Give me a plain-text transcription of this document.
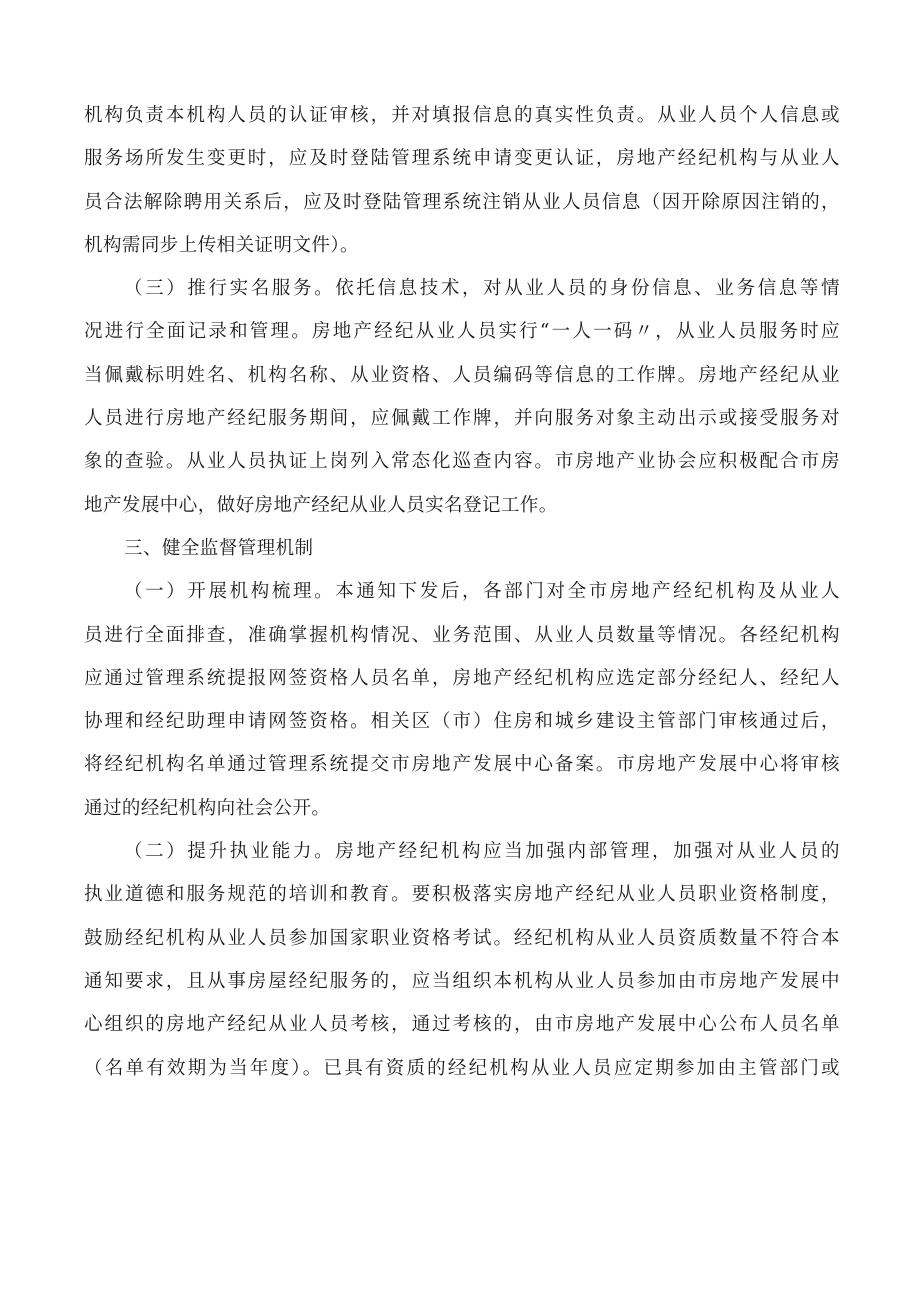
机构负责本机构人员的认证审核，并对填报信息的真实性负责。从业人员个人信息或
服务场所发生变更时，应及时登陆管理系统申请变更认证，房地产经纪机构与从业人
员合法解除聘用关系后，应及时登陆管理系统注销从业人员信息（因开除原因注销的，
机构需同步上传相关证明文件）。
（三）推行实名服务。依托信息技术，对从业人员的身份信息、业务信息等情
况进行全面记录和管理。房地产经纪从业人员实行“一人一码〃，从业人员服务时应
当佩戴标明姓名、机构名称、从业资格、人员编码等信息的工作牌。房地产经纪从业
人员进行房地产经纪服务期间，应佩戴工作牌，并向服务对象主动出示或接受服务对
象的查验。从业人员执证上岗列入常态化巡查内容。市房地产业协会应积极配合市房
地产发展中心，做好房地产经纪从业人员实名登记工作。
三、健全监督管理机制
（一）开展机构梳理。本通知下发后，各部门对全市房地产经纪机构及从业人
员进行全面排查，准确掌握机构情况、业务范围、从业人员数量等情况。各经纪机构
应通过管理系统提报网签资格人员名单，房地产经纪机构应选定部分经纪人、经纪人
协理和经纪助理申请网签资格。相关区（市）住房和城乡建设主管部门审核通过后，
将经纪机构名单通过管理系统提交市房地产发展中心备案。市房地产发展中心将审核
通过的经纪机构向社会公开。
（二）提升执业能力。房地产经纪机构应当加强内部管理，加强对从业人员的
执业道德和服务规范的培训和教育。要积极落实房地产经纪从业人员职业资格制度，
鼓励经纪机构从业人员参加国家职业资格考试。经纪机构从业人员资质数量不符合本
通知要求，且从事房屋经纪服务的，应当组织本机构从业人员参加由市房地产发展中
心组织的房地产经纪从业人员考核，通过考核的，由市房地产发展中心公布人员名单
（名单有效期为当年度）。已具有资质的经纪机构从业人员应定期参加由主管部门或
